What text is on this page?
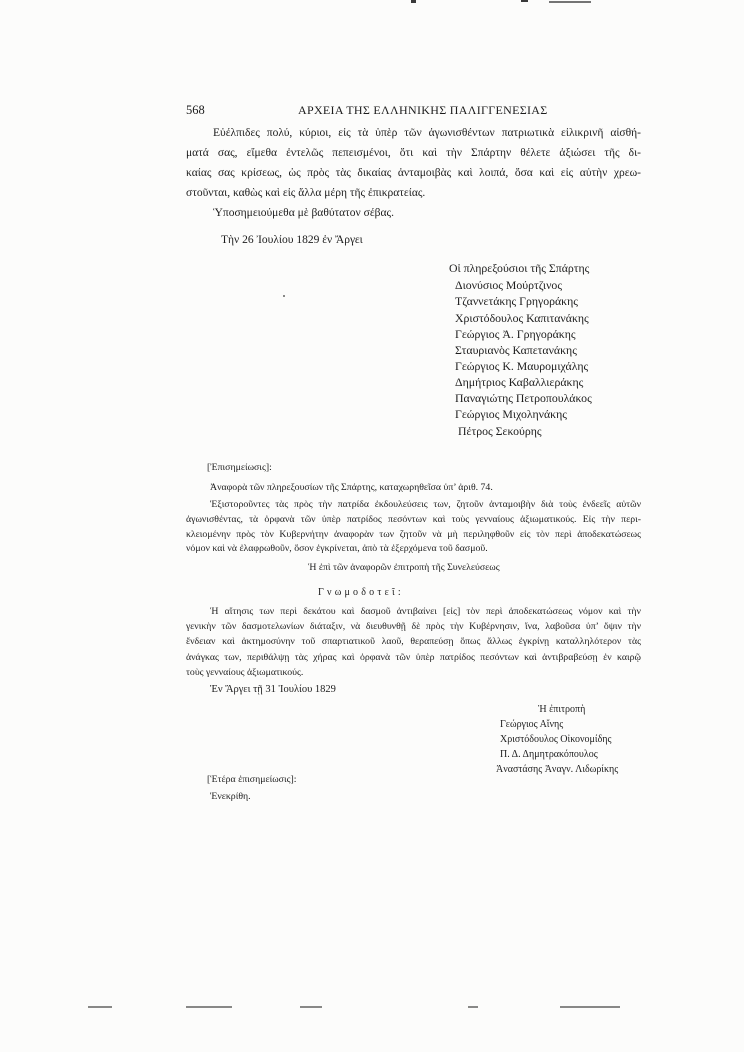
568	ΑΡΧΕΙΑ ΤΗΣ ΕΛΛΗΝΙΚΗΣ ΠΑΛΙΓΓΕΝΕΣΙΑΣ
Εὐέλπιδες πολύ, κύριοι, εἰς τὰ ὑπὲρ τῶν ἀγωνισθέντων πατριωτικὰ εἰλικρινῆ αἰσθή-
ματά σας, εἴμεθα ἐντελῶς πεπεισμένοι, ὅτι καὶ τὴν Σπάρτην θέλετε ἀξιώσει τῆς δι-
καίας σας κρίσεως, ὡς πρὸς τὰς δικαίας ἀνταμοιβὰς καὶ λοιπά, ὅσα καὶ εἰς αὐτὴν χρεω-
στοῦνται, καθὼς καὶ εἰς ἄλλα μέρη τῆς ἐπικρατείας.
Ὑποσημειούμεθα μὲ βαθύτατον σέβας.
Τὴν 26 Ἰουλίου 1829 ἐν Ἄργει
Οἱ πληρεξούσιοι τῆς Σπάρτης
Διονύσιος Μούρτζινος
Τζαννετάκης Γρηγοράκης
Χριστόδουλος Καπιτανάκης
Γεώργιος Ἀ. Γρηγοράκης
Σταυριανὸς Καπετανάκης
Γεώργιος Κ. Μαυρομιχάλης
Δημήτριος Καβαλλιεράκης
Παναγιώτης Πετροπουλάκος
Γεώργιος Μιχοληνάκης
Πέτρος Σεκούρης
[Ἐπισημείωσις]:
Ἀναφορὰ τῶν πληρεξουσίων τῆς Σπάρτης, καταχωρηθεῖσα ὑπ’ ἀριθ. 74.
Ἐξιστοροῦντες τὰς πρὸς τὴν πατρίδα ἐκδουλεύσεις των, ζητοῦν ἀνταμοιβὴν διὰ τοὺς ἐνδεεῖς αὐτῶν
ἀγωνισθέντας, τὰ ὀρφανὰ τῶν ὑπὲρ πατρίδος πεσόντων καὶ τοὺς γενναίους ἀξιωματικούς. Εἰς τὴν περι-
κλειομένην πρὸς τὸν Κυβερνήτην ἀναφορὰν των ζητοῦν νὰ μὴ περιληφθοῦν εἰς τὸν περὶ ἀποδεκατώσεως
νόμον καὶ νὰ ἐλαφρωθοῦν, ὅσον ἐγκρίνεται, ἀπὸ τὰ ἐξερχόμενα τοῦ δασμοῦ.
Ἡ ἐπὶ τῶν ἀναφορῶν ἐπιτροπὴ τῆς Συνελεύσεως
Γνωμοδοτεῖ:
Ἡ αἴτησις των περὶ δεκάτου καὶ δασμοῦ ἀντιβαίνει [εἰς] τὸν περὶ ἀποδεκατώσεως νόμον καὶ τὴν
γενικὴν τῶν δασμοτελωνίων διάταξιν, νὰ διευθυνθῇ δὲ πρὸς τὴν Κυβέρνησιν, ἵνα, λαβοῦσα ὑπ’ ὄψιν τὴν
ἔνδειαν καὶ ἀκτημοσύνην τοῦ σπαρτιατικοῦ λαοῦ, θεραπεύσῃ ὅπως ἄλλως ἐγκρίνῃ καταλληλότερον τὰς
ἀνάγκας των, περιθάλψῃ τὰς χήρας καὶ ὀρφανὰ τῶν ὑπὲρ πατρίδος πεσόντων καὶ ἀντιβραβεύσῃ ἐν καιρῷ
τοὺς γενναίους ἀξιωματικούς.
Ἐν Ἄργει τῇ 31 Ἰουλίου 1829
Ἡ ἐπιτροπὴ
Γεώργιος Αἴνης
Χριστόδουλος Οἰκονομίδης
Π. Δ. Δημητρακόπουλος
Ἀναστάσης Ἀναγν. Λιδωρίκης
[Ἑτέρα ἐπισημείωσις]:
Ἐνεκρίθη.
